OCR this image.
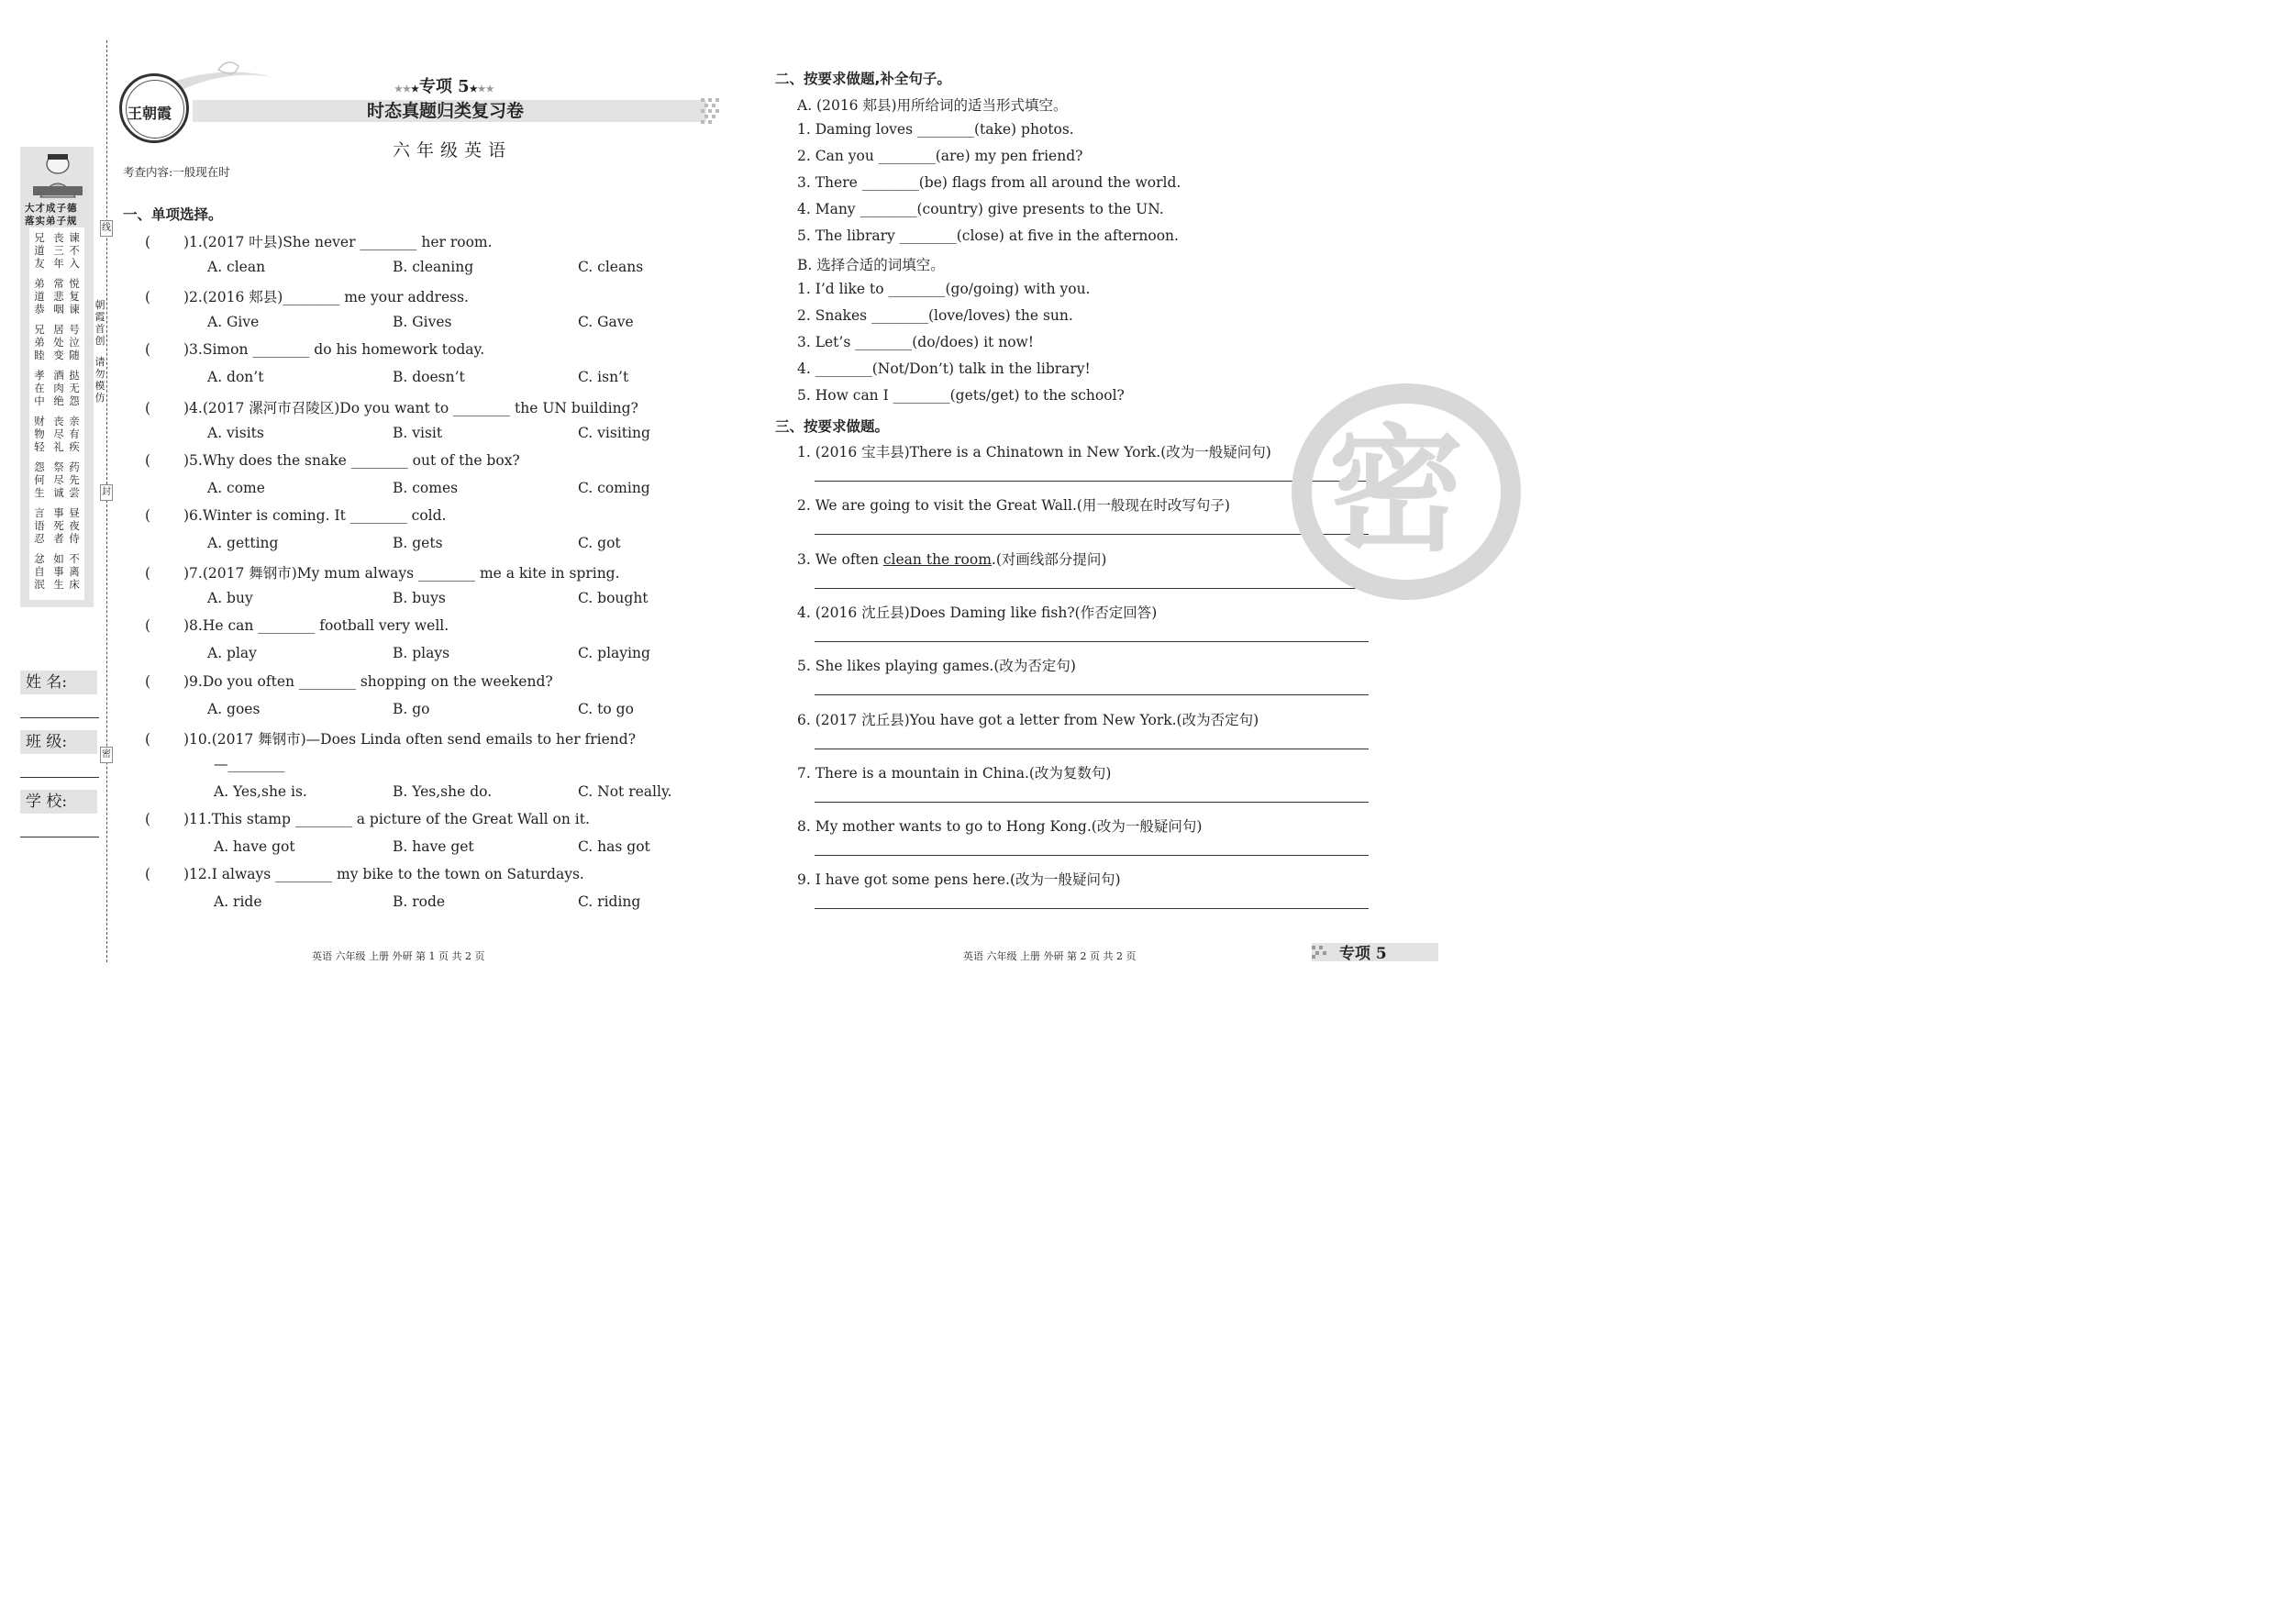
大才成子德
落实弟子规
兄道友
弟道恭
兄弟睦
孝在中
财物轻
怨何生
言语忍
忿自泯
丧三年
常悲咽
居处变
酒肉绝
丧尽礼
祭尽诚
事死者
如事生
谏不入
悦复谏
号泣随
挞无怨
亲有疾
药先尝
昼夜侍
不离床
姓 名:
班 级:
学 校:
线
封
密
朝霞首创
请勿模仿
王朝霞
★★★专项 5★★★
时态真题归类复习卷
六年级英语
考查内容:一般现在时
一、单项选择。
( )1.(2017 叶县)She never ________ her room.
A. clean	B. cleaning	C. cleans
( )2.(2016 郏县)________ me your address.
A. Give	B. Gives	C. Gave
( )3.Simon ________ do his homework today.
A. don’t	B. doesn’t	C. isn’t
( )4.(2017 漯河市召陵区)Do you want to ________ the UN building?
A. visits	B. visit	C. visiting
( )5.Why does the snake ________ out of the box?
A. come	B. comes	C. coming
( )6.Winter is coming. It ________ cold.
A. getting	B. gets	C. got
( )7.(2017 舞钢市)My mum always ________ me a kite in spring.
A. buy	B. buys	C. bought
( )8.He can ________ football very well.
A. play	B. plays	C. playing
( )9.Do you often ________ shopping on the weekend?
A. goes	B. go	C. to go
( )10.(2017 舞钢市)—Does Linda often send emails to her friend?
—________
A. Yes,she is.	B. Yes,she do.	C. Not really.
( )11.This stamp ________ a picture of the Great Wall on it.
A. have got	B. have get	C. has got
( )12.I always ________ my bike to the town on Saturdays.
A. ride	B. rode	C. riding
英语 六年级 上册 外研 第 1 页 共 2 页
二、按要求做题,补全句子。
A. (2016 郏县)用所给词的适当形式填空。
1. Daming loves ________(take) photos.
2. Can you ________(are) my pen friend?
3. There ________(be) flags from all around the world.
4. Many ________(country) give presents to the UN.
5. The library ________(close) at five in the afternoon.
B. 选择合适的词填空。
1. I’d like to ________(go/going) with you.
2. Snakes ________(love/loves) the sun.
3. Let’s ________(do/does) it now!
4. ________(Not/Don’t) talk in the library!
5. How can I ________(gets/get) to the school?
三、按要求做题。
1. (2016 宝丰县)There is a Chinatown in New York.(改为一般疑问句)
2. We are going to visit the Great Wall.(用一般现在时改写句子)
3. We often clean the room.(对画线部分提问)
4. (2016 沈丘县)Does Daming like fish?(作否定回答)
5. She likes playing games.(改为否定句)
6. (2017 沈丘县)You have got a letter from New York.(改为否定句)
7. There is a mountain in China.(改为复数句)
8. My mother wants to go to Hong Kong.(改为一般疑问句)
9. I have got some pens here.(改为一般疑问句)
密
英语 六年级 上册 外研 第 2 页 共 2 页	专项 5
